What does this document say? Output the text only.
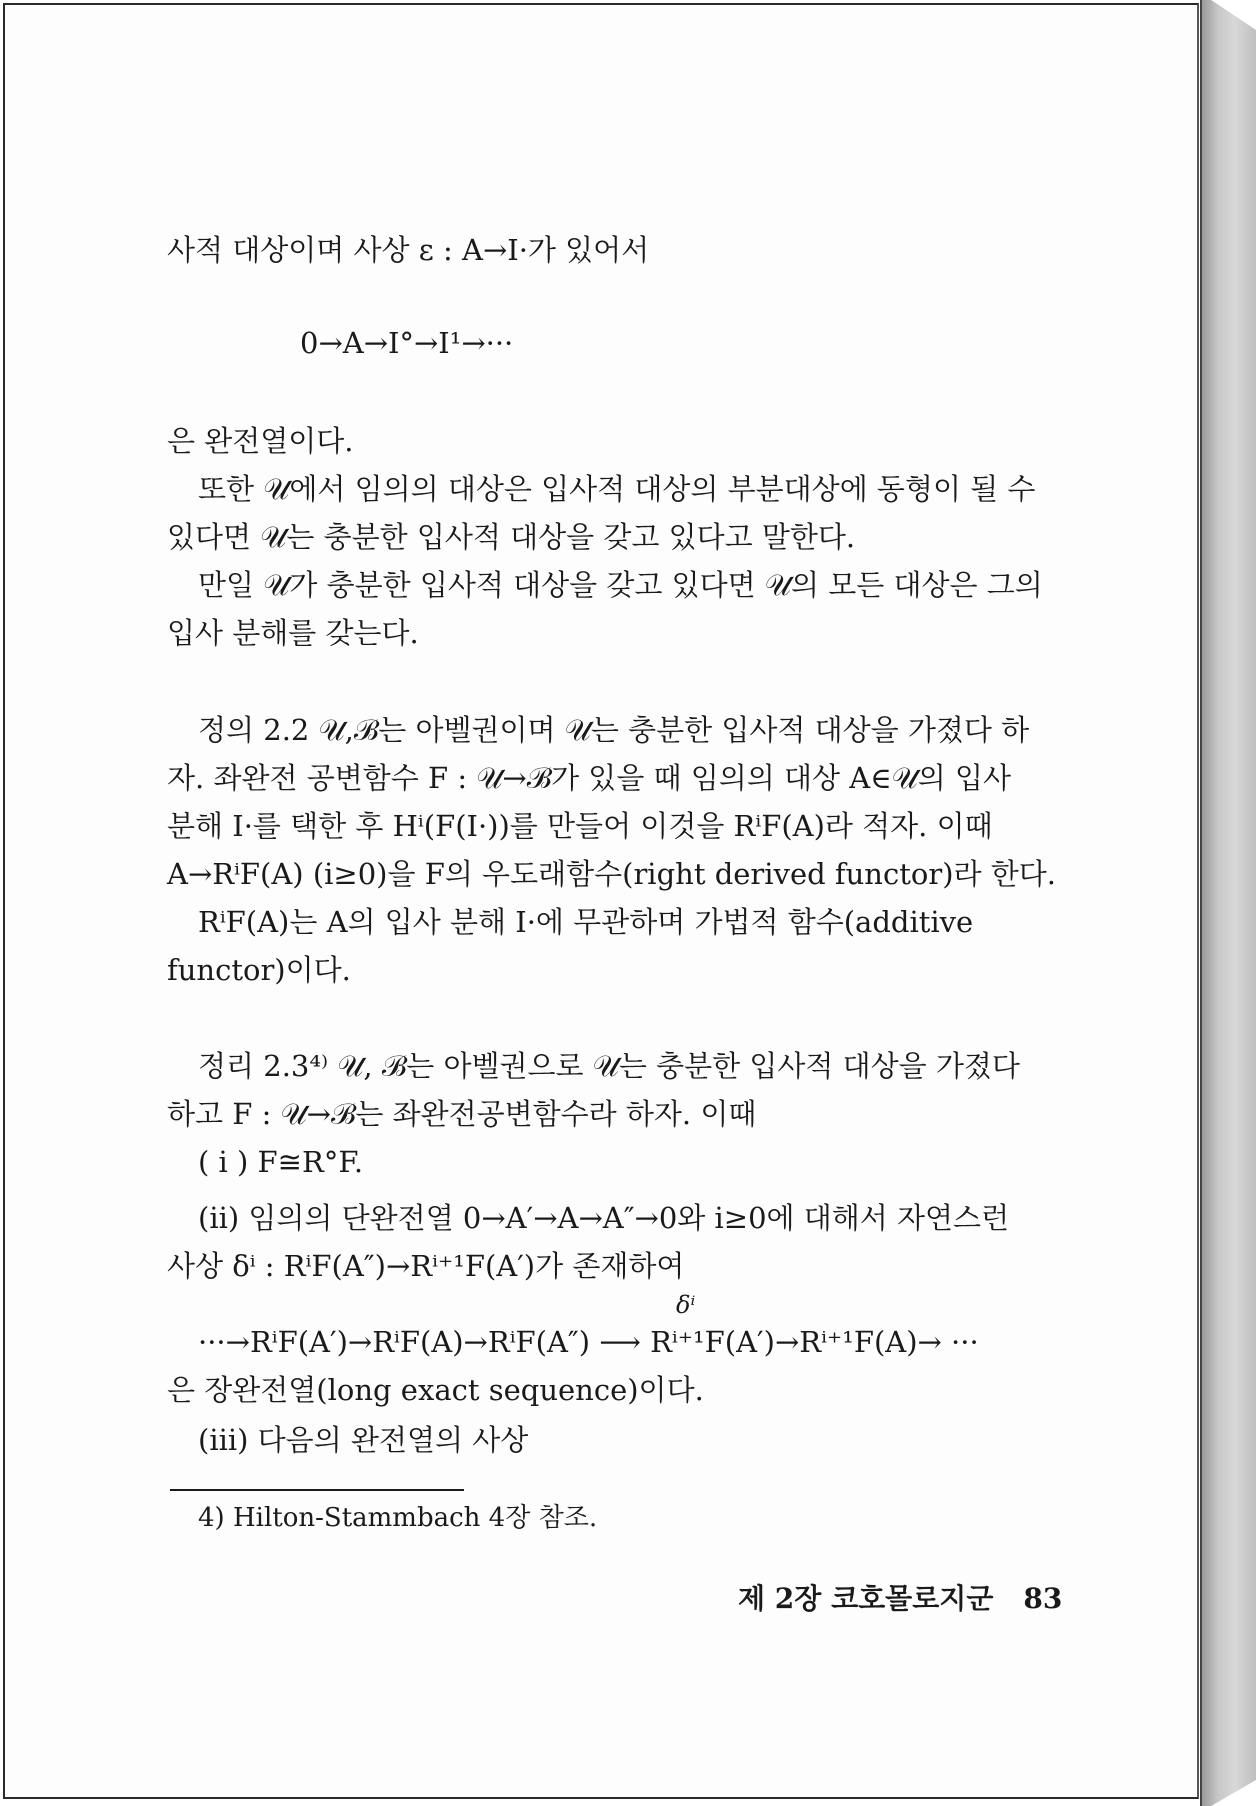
사적 대상이며 사상 ε : A→I·가 있어서
0→A→I°→I¹→···
은 완전열이다.
또한 𝒰에서 임의의 대상은 입사적 대상의 부분대상에 동형이 될 수
있다면 𝒰는 충분한 입사적 대상을 갖고 있다고 말한다.
만일 𝒰가 충분한 입사적 대상을 갖고 있다면 𝒰의 모든 대상은 그의
입사 분해를 갖는다.
정의 2.2 𝒰,ℬ는 아벨권이며 𝒰는 충분한 입사적 대상을 가졌다 하
자. 좌완전 공변함수 F : 𝒰→ℬ가 있을 때 임의의 대상 A∈𝒰의 입사
분해 I·를 택한 후 Hⁱ(F(I·))를 만들어 이것을 RⁱF(A)라 적자. 이때
A→RⁱF(A) (i≥0)을 F의 우도래함수(right derived functor)라 한다.
RⁱF(A)는 A의 입사 분해 I·에 무관하며 가법적 함수(additive
functor)이다.
정리 2.3⁴⁾ 𝒰, ℬ는 아벨권으로 𝒰는 충분한 입사적 대상을 가졌다
하고 F : 𝒰→ℬ는 좌완전공변함수라 하자. 이때
( i ) F≅R°F.
(ii) 임의의 단완전열 0→A′→A→A″→0와 i≥0에 대해서 자연스런
사상 δⁱ : RⁱF(A″)→Rⁱ⁺¹F(A′)가 존재하여
δⁱ
···→RⁱF(A′)→RⁱF(A)→RⁱF(A″) ⟶ Rⁱ⁺¹F(A′)→Rⁱ⁺¹F(A)→ ···
은 장완전열(long exact sequence)이다.
(iii) 다음의 완전열의 사상
4) Hilton-Stammbach 4장 참조.
제 2장 코호몰로지군 83
